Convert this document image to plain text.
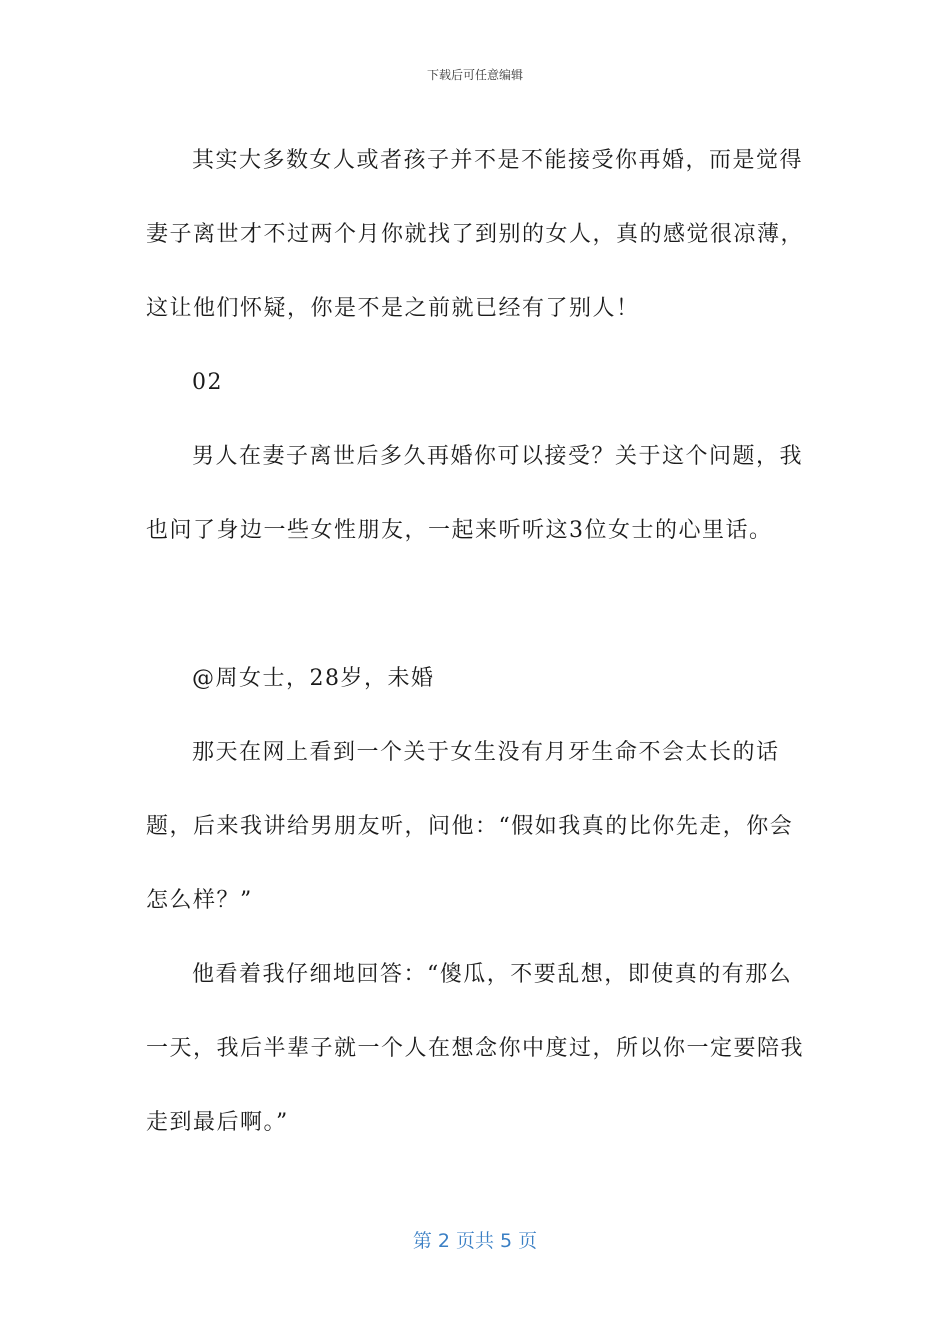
下载后可任意编辑

其实大多数女人或者孩子并不是不能接受你再婚，而是觉得妻子离世才不过两个月你就找了到别的女人，真的感觉很凉薄，这让他们怀疑，你是不是之前就已经有了别人！

02

男人在妻子离世后多久再婚你可以接受？关于这个问题，我也问了身边一些女性朋友，一起来听听这3位女士的心里话。

@周女士，28岁，未婚

那天在网上看到一个关于女生没有月牙生命不会太长的话题，后来我讲给男朋友听，问他：“假如我真的比你先走，你会怎么样？”

他看着我仔细地回答：“傻瓜，不要乱想，即使真的有那么一天，我后半辈子就一个人在想念你中度过，所以你一定要陪我走到最后啊。”

第 2 页共 5 页
